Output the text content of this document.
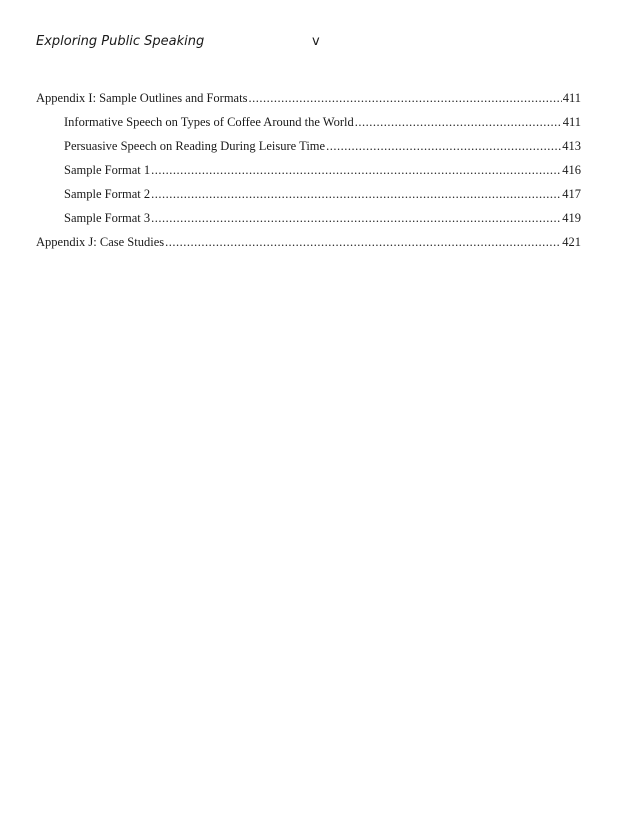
Exploring Public Speaking	v
Appendix I: Sample Outlines and Formats .....	411
Informative Speech on Types of Coffee Around the World .....	411
Persuasive Speech on Reading During Leisure Time .....	413
Sample Format 1 .....	416
Sample Format 2 .....	417
Sample Format 3 .....	419
Appendix J: Case Studies .....	421
